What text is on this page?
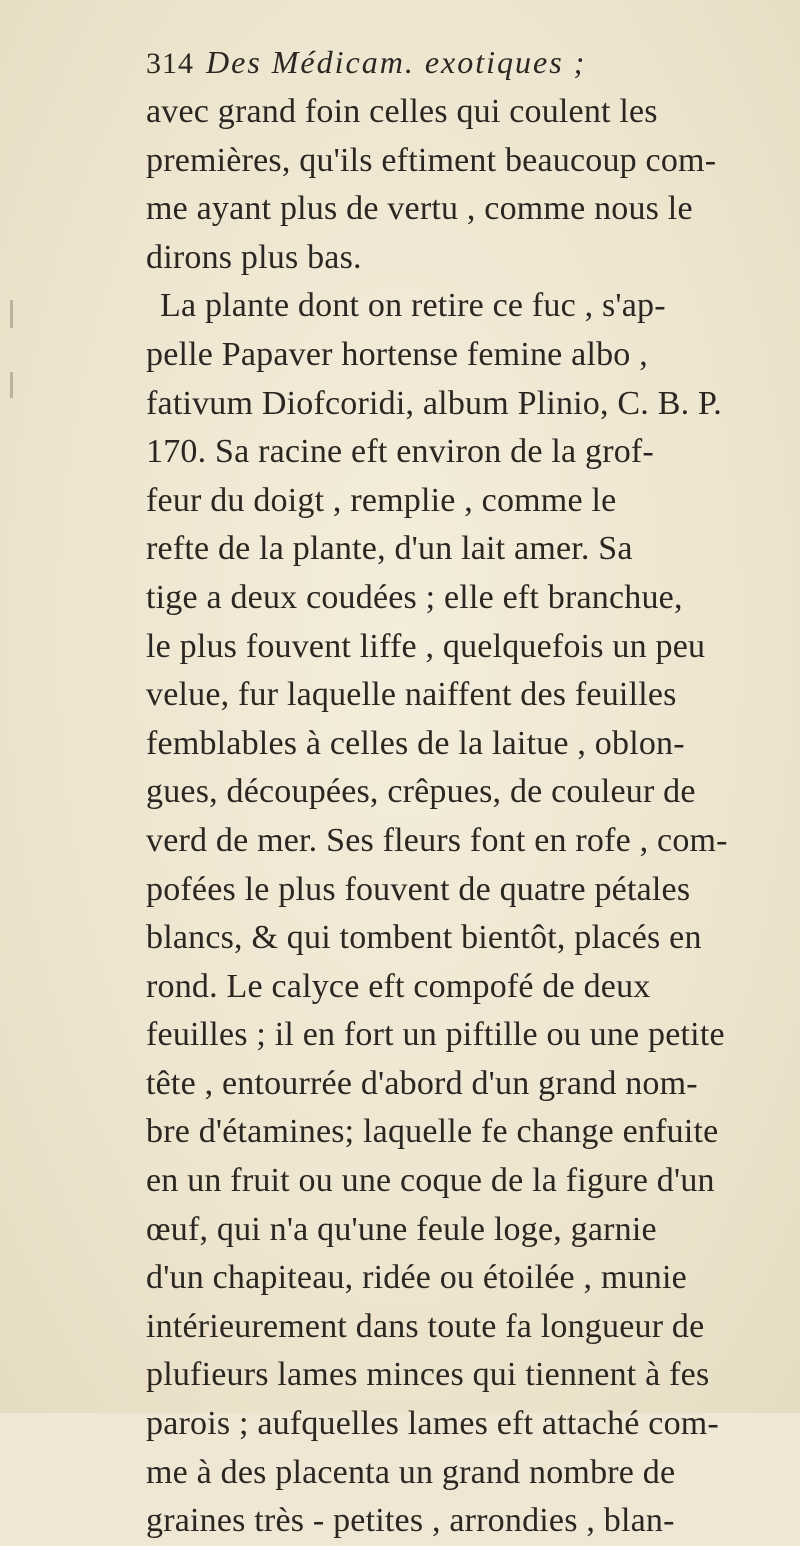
314 Des Médicam. exotiques ;
avec grand foin celles qui coulent les
premières, qu'ils eftiment beaucoup com-
me ayant plus de vertu , comme nous le
dirons plus bas.
La plante dont on retire ce fuc , s'ap-
pelle Papaver hortense femine albo ,
fativum Diofcoridi, album Plinio, C. B. P.
170. Sa racine eft environ de la grof-
feur du doigt , remplie , comme le
refte de la plante, d'un lait amer. Sa
tige a deux coudées ; elle eft branchue,
le plus fouvent liffe , quelquefois un peu
velue, fur laquelle naiffent des feuilles
femblables à celles de la laitue , oblon-
gues, découpées, crêpues, de couleur de
verd de mer. Ses fleurs font en rofe , com-
pofées le plus fouvent de quatre pétales
blancs, & qui tombent bientôt, placés en
rond. Le calyce eft compofé de deux
feuilles ; il en fort un piftille ou une petite
tête , entourrée d'abord d'un grand nom-
bre d'étamines; laquelle fe change enfuite
en un fruit ou une coque de la figure d'un
œuf, qui n'a qu'une feule loge, garnie
d'un chapiteau, ridée ou étoilée , munie
intérieurement dans toute fa longueur de
plufieurs lames minces qui tiennent à fes
parois ; aufquelles lames eft attaché com-
me à des placenta un grand nombre de
graines très - petites , arrondies , blan-
